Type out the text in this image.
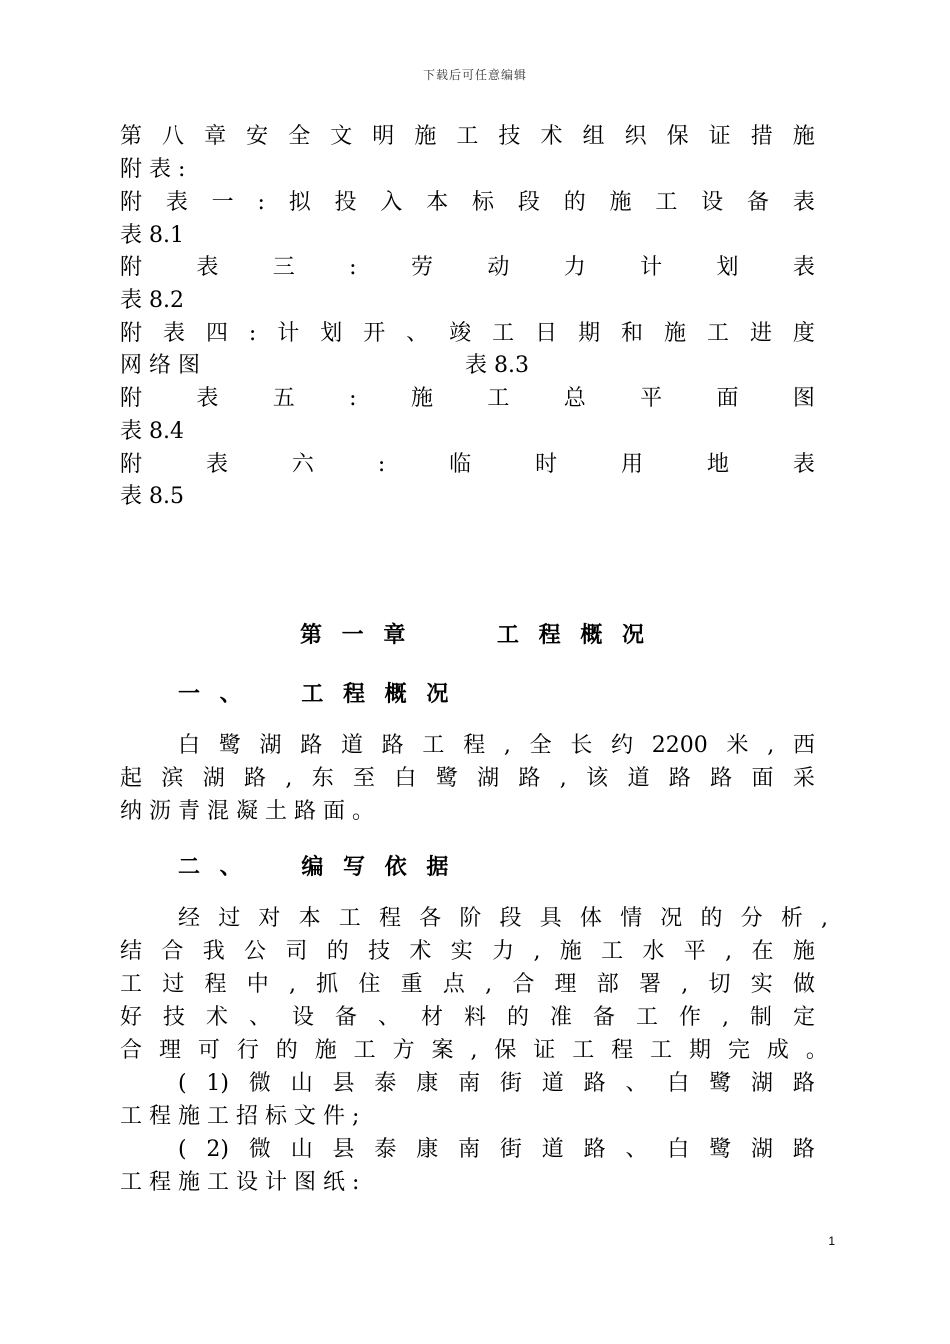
下载后可任意编辑
第 八 章 安 全 文 明 施 工 技 术 组 织 保 证 措 施
附 表 :
附 表 一 : 拟 投 入 本 标 段 的 施 工 设 备 表
表 8.1
附 表 三 : 劳 动 力 计 划 表
表 8.2
附 表 四 : 计 划 开 、 竣 工 日 期 和 施 工 进 度
网 络 图	表 8.3
附 表 五 : 施 工 总 平 面 图
表 8.4
附	表	六	:	临	时	用	地	表
表 8.5
第 一 章	工 程 概 况
一 、 工 程 概 况
白 鹭 湖 路 道 路 工 程 , 全 长 约 2200 米 , 西
起 滨 湖 路 , 东 至 白 鹭 湖 路 , 该 道 路 路 面 采
纳 沥 青 混 凝 土 路 面 。
二 、 编 写 依 据
经 过 对 本 工 程 各 阶 段 具 体 情 况 的 分 析 ,
结 合 我 公 司 的 技 术 实 力 , 施 工 水 平 , 在 施
工 过 程 中 , 抓 住 重 点 , 合 理 部 署 , 切 实 做
好 技 术 、 设 备 、 材 料 的 准 备 工 作 , 制 定
合 理 可 行 的 施 工 方 案 , 保 证 工 程 工 期 完 成 。
( 1) 微 山 县 泰 康 南 街 道 路 、 白 鹭 湖 路
工 程 施 工 招 标 文 件 ;
( 2) 微 山 县 泰 康 南 街 道 路 、 白 鹭 湖 路
工 程 施 工 设 计 图 纸 :
1
